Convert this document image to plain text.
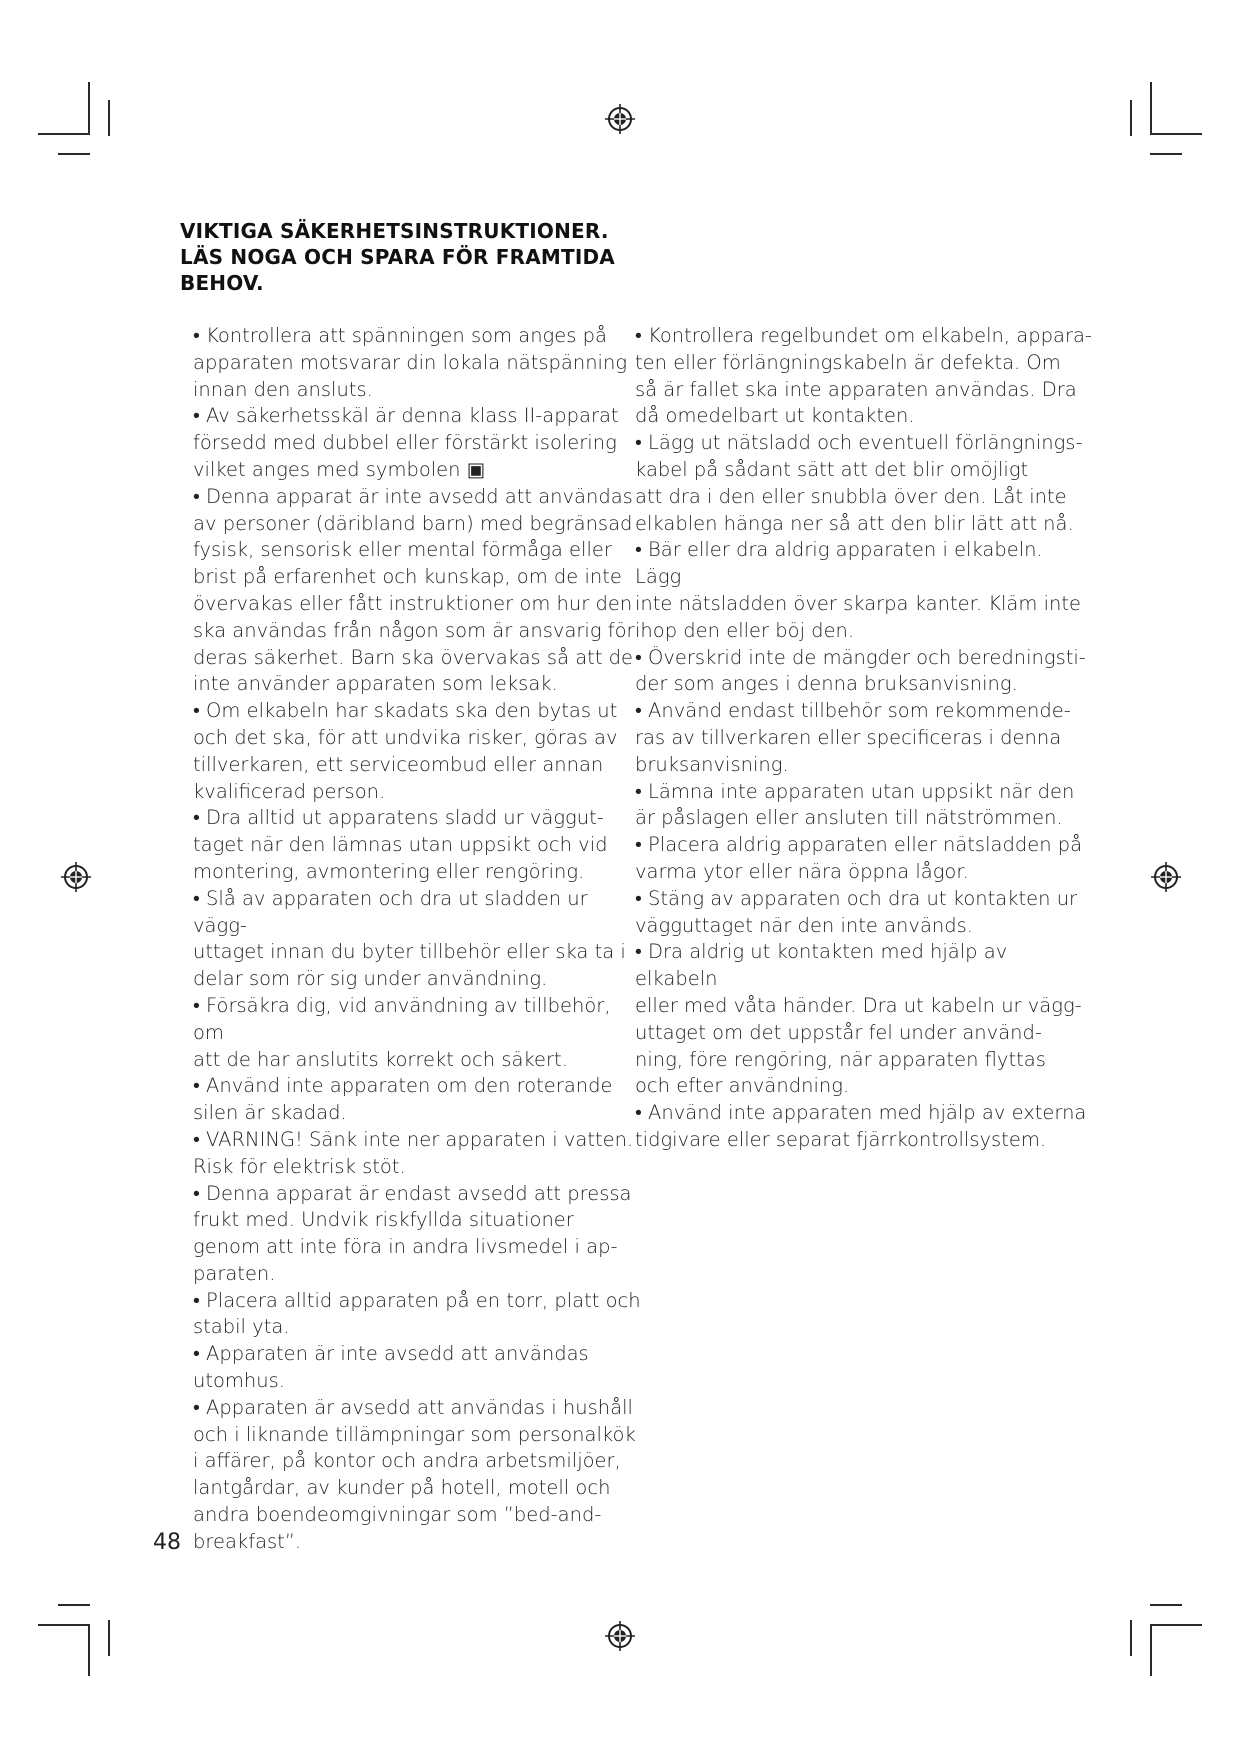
VIKTIGA SÄKERHETSINSTRUKTIONER.
LÄS NOGA OCH SPARA FÖR FRAMTIDA
BEHOV.

• Kontrollera att spänningen som anges på
apparaten motsvarar din lokala nätspänning
innan den ansluts.

• Av säkerhetsskäl är denna klass II-apparat
försedd med dubbel eller förstärkt isolering
vilket anges med symbolen ▣

• Denna apparat är inte avsedd att användas
av personer (däribland barn) med begränsad
fysisk, sensorisk eller mental förmåga eller
brist på erfarenhet och kunskap, om de inte
övervakas eller fått instruktioner om hur den
ska användas från någon som är ansvarig för
deras säkerhet. Barn ska övervakas så att de
inte använder apparaten som leksak.

• Om elkabeln har skadats ska den bytas ut
och det ska, för att undvika risker, göras av
tillverkaren, ett serviceombud eller annan
kvalificerad person.

• Dra alltid ut apparatens sladd ur väggut-
taget när den lämnas utan uppsikt och vid
montering, avmontering eller rengöring.

• Slå av apparaten och dra ut sladden ur vägg-
uttaget innan du byter tillbehör eller ska ta i
delar som rör sig under användning.

• Försäkra dig, vid användning av tillbehör, om
att de har anslutits korrekt och säkert.

• Använd inte apparaten om den roterande
silen är skadad.

• VARNING! Sänk inte ner apparaten i vatten.
Risk för elektrisk stöt.

• Denna apparat är endast avsedd att pressa
frukt med. Undvik riskfyllda situationer
genom att inte föra in andra livsmedel i ap-
paraten.

• Placera alltid apparaten på en torr, platt och
stabil yta.

• Apparaten är inte avsedd att användas
utomhus.

• Apparaten är avsedd att användas i hushåll
och i liknande tillämpningar som personalkök
i affärer, på kontor och andra arbetsmiljöer,
lantgårdar, av kunder på hotell, motell och
andra boendeomgivningar som ”bed-and-
breakfast”.

• Kontrollera regelbundet om elkabeln, appara-
ten eller förlängningskabeln är defekta. Om
så är fallet ska inte apparaten användas. Dra
då omedelbart ut kontakten.

• Lägg ut nätsladd och eventuell förlängnings-
kabel på sådant sätt att det blir omöjligt
att dra i den eller snubbla över den. Låt inte
elkablen hänga ner så att den blir lätt att nå.

• Bär eller dra aldrig apparaten i elkabeln. Lägg
inte nätsladden över skarpa kanter. Kläm inte
ihop den eller böj den.

• Överskrid inte de mängder och beredningsti-
der som anges i denna bruksanvisning.

• Använd endast tillbehör som rekommende-
ras av tillverkaren eller specificeras i denna
bruksanvisning.

• Lämna inte apparaten utan uppsikt när den
är påslagen eller ansluten till nätströmmen.

• Placera aldrig apparaten eller nätsladden på
varma ytor eller nära öppna lågor.

• Stäng av apparaten och dra ut kontakten ur
vägguttaget när den inte används.

• Dra aldrig ut kontakten med hjälp av elkabeln
eller med våta händer. Dra ut kabeln ur vägg-
uttaget om det uppstår fel under använd-
ning, före rengöring, när apparaten flyttas
och efter användning.

• Använd inte apparaten med hjälp av externa
tidgivare eller separat fjärrkontrollsystem.

48
